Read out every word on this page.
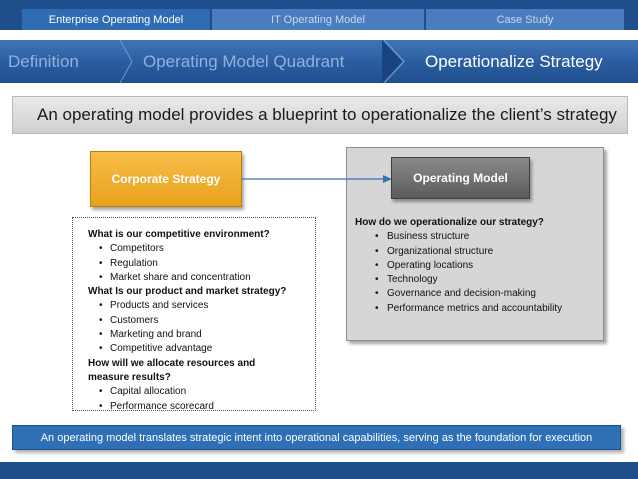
Enterprise Operating Model	IT Operating Model	Case Study
Definition	Operating Model Quadrant	Operationalize Strategy
An operating model provides a blueprint to operationalize the client’s strategy
Corporate Strategy	Operating Model
What is our competitive environment?
• Competitors
• Regulation
• Market share and concentration
What Is our product and market strategy?
• Products and services
• Customers
• Marketing and brand
• Competitive advantage
How will we allocate resources and
measure results?
• Capital allocation
• Performance scorecard
How do we operationalize our strategy?
• Business structure
• Organizational structure
• Operating locations
• Technology
• Governance and decision-making
• Performance metrics and accountability
An operating model translates strategic intent into operational capabilities, serving as the foundation for execution
